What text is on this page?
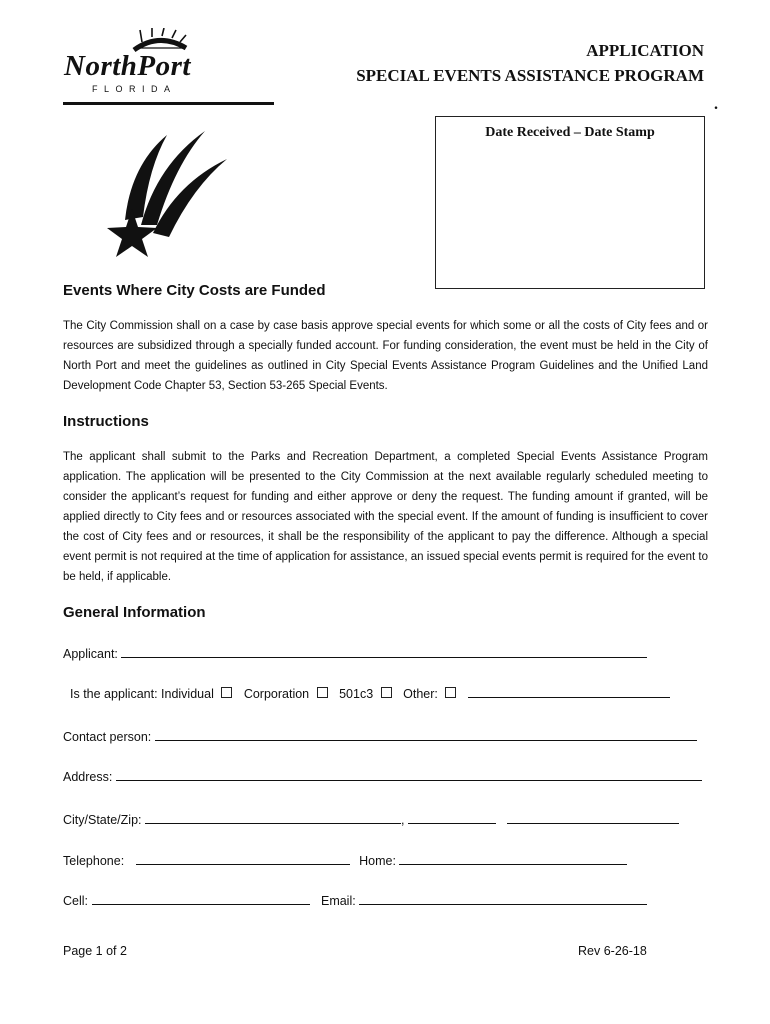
NorthPort
FLORIDA
APPLICATION
SPECIAL EVENTS ASSISTANCE PROGRAM
.
Date Received – Date Stamp
Events Where City Costs are Funded
The City Commission shall on a case by case basis approve special events for which some or all the costs of City fees and or resources are subsidized through a specially funded account. For funding consideration, the event must be held in the City of North Port and meet the guidelines as outlined in City Special Events Assistance Program Guidelines and the Unified Land Development Code Chapter 53, Section 53-265 Special Events.
Instructions
The applicant shall submit to the Parks and Recreation Department, a completed Special Events Assistance Program application. The application will be presented to the City Commission at the next available regularly scheduled meeting to consider the applicant’s request for funding and either approve or deny the request. The funding amount if granted, will be applied directly to City fees and or resources associated with the special event. If the amount of funding is insufficient to cover the cost of City fees and or resources, it shall be the responsibility of the applicant to pay the difference. Although a special event permit is not required at the time of application for assistance, an issued special events permit is required for the event to be held, if applicable.
General Information
Applicant:
Is the applicant: Individual Corporation 501c3 Other:
Contact person:
Address:
City/State/Zip:	,
Telephone:	Home:
Cell:	Email:
Page 1 of 2	Rev 6-26-18
